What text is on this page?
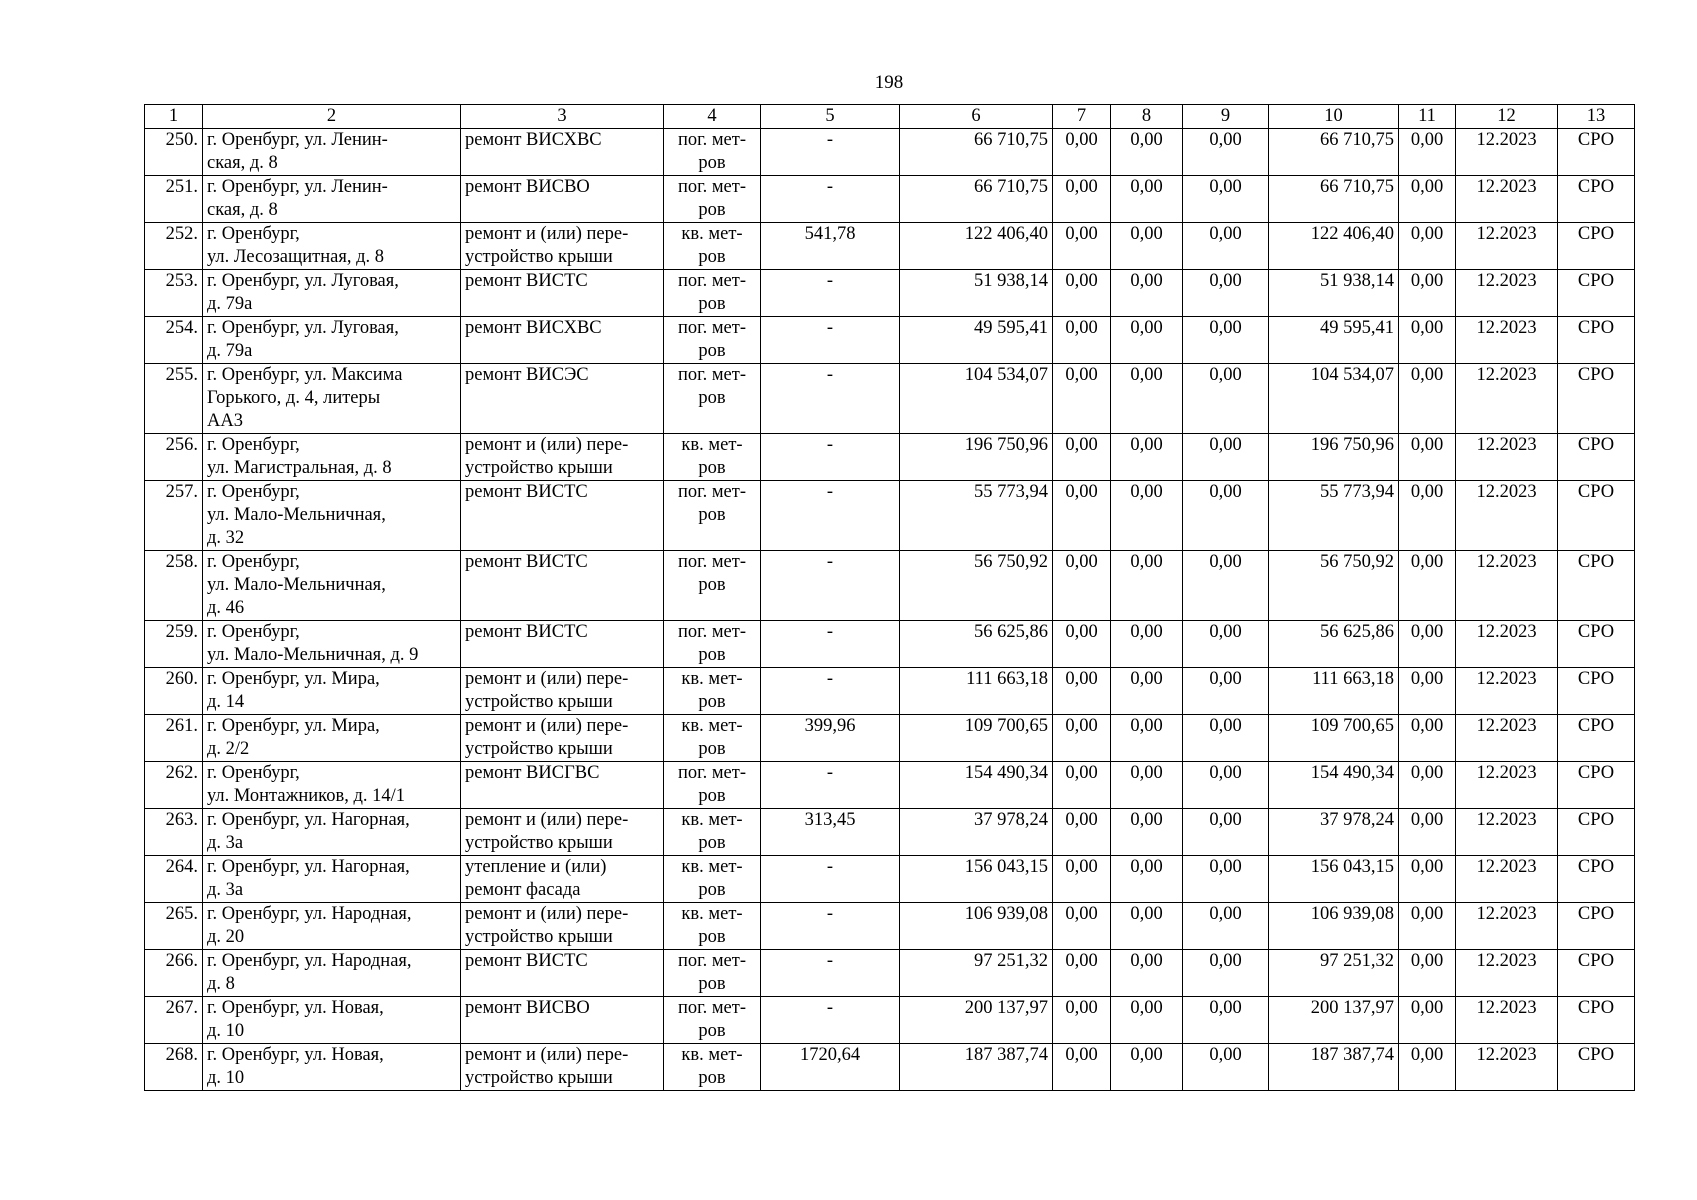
198
1	2	3	4	5	6	7	8	9	10	11	12	13
250.	г. Оренбург, ул. Ленин-
ская, д. 8	ремонт ВИСХВС	пог. мет-
ров	-	66 710,75	0,00	0,00	0,00	66 710,75	0,00	12.2023	СРО
251.	г. Оренбург, ул. Ленин-
ская, д. 8	ремонт ВИСВО	пог. мет-
ров	-	66 710,75	0,00	0,00	0,00	66 710,75	0,00	12.2023	СРО
252.	г. Оренбург,
ул. Лесозащитная, д. 8	ремонт и (или) пере-
устройство крыши	кв. мет-
ров	541,78	122 406,40	0,00	0,00	0,00	122 406,40	0,00	12.2023	СРО
253.	г. Оренбург, ул. Луговая,
д. 79а	ремонт ВИСТС	пог. мет-
ров	-	51 938,14	0,00	0,00	0,00	51 938,14	0,00	12.2023	СРО
254.	г. Оренбург, ул. Луговая,
д. 79а	ремонт ВИСХВС	пог. мет-
ров	-	49 595,41	0,00	0,00	0,00	49 595,41	0,00	12.2023	СРО
255.	г. Оренбург, ул. Максима
Горького, д. 4, литеры
АА3	ремонт ВИСЭС	пог. мет-
ров	-	104 534,07	0,00	0,00	0,00	104 534,07	0,00	12.2023	СРО
256.	г. Оренбург,
ул. Магистральная, д. 8	ремонт и (или) пере-
устройство крыши	кв. мет-
ров	-	196 750,96	0,00	0,00	0,00	196 750,96	0,00	12.2023	СРО
257.	г. Оренбург,
ул. Мало-Мельничная,
д. 32	ремонт ВИСТС	пог. мет-
ров	-	55 773,94	0,00	0,00	0,00	55 773,94	0,00	12.2023	СРО
258.	г. Оренбург,
ул. Мало-Мельничная,
д. 46	ремонт ВИСТС	пог. мет-
ров	-	56 750,92	0,00	0,00	0,00	56 750,92	0,00	12.2023	СРО
259.	г. Оренбург,
ул. Мало-Мельничная, д. 9	ремонт ВИСТС	пог. мет-
ров	-	56 625,86	0,00	0,00	0,00	56 625,86	0,00	12.2023	СРО
260.	г. Оренбург, ул. Мира,
д. 14	ремонт и (или) пере-
устройство крыши	кв. мет-
ров	-	111 663,18	0,00	0,00	0,00	111 663,18	0,00	12.2023	СРО
261.	г. Оренбург, ул. Мира,
д. 2/2	ремонт и (или) пере-
устройство крыши	кв. мет-
ров	399,96	109 700,65	0,00	0,00	0,00	109 700,65	0,00	12.2023	СРО
262.	г. Оренбург,
ул. Монтажников, д. 14/1	ремонт ВИСГВС	пог. мет-
ров	-	154 490,34	0,00	0,00	0,00	154 490,34	0,00	12.2023	СРО
263.	г. Оренбург, ул. Нагорная,
д. 3а	ремонт и (или) пере-
устройство крыши	кв. мет-
ров	313,45	37 978,24	0,00	0,00	0,00	37 978,24	0,00	12.2023	СРО
264.	г. Оренбург, ул. Нагорная,
д. 3а	утепление и (или)
ремонт фасада	кв. мет-
ров	-	156 043,15	0,00	0,00	0,00	156 043,15	0,00	12.2023	СРО
265.	г. Оренбург, ул. Народная,
д. 20	ремонт и (или) пере-
устройство крыши	кв. мет-
ров	-	106 939,08	0,00	0,00	0,00	106 939,08	0,00	12.2023	СРО
266.	г. Оренбург, ул. Народная,
д. 8	ремонт ВИСТС	пог. мет-
ров	-	97 251,32	0,00	0,00	0,00	97 251,32	0,00	12.2023	СРО
267.	г. Оренбург, ул. Новая,
д. 10	ремонт ВИСВО	пог. мет-
ров	-	200 137,97	0,00	0,00	0,00	200 137,97	0,00	12.2023	СРО
268.	г. Оренбург, ул. Новая,
д. 10	ремонт и (или) пере-
устройство крыши	кв. мет-
ров	1720,64	187 387,74	0,00	0,00	0,00	187 387,74	0,00	12.2023	СРО
